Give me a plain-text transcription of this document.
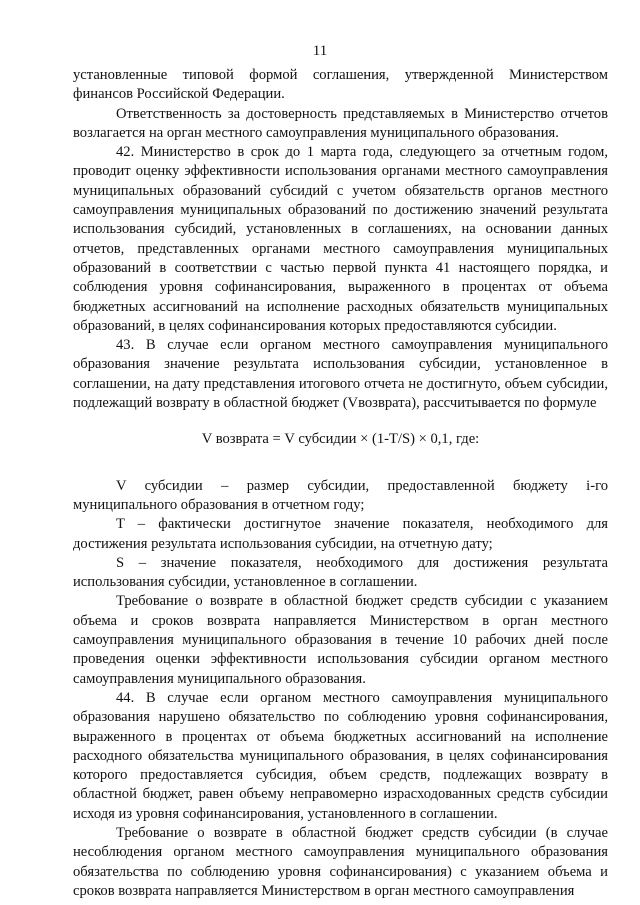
11

установленные типовой формой соглашения, утвержденной Министерством финансов Российской Федерации.

Ответственность за достоверность представляемых в Министерство отчетов возлагается на орган местного самоуправления муниципального образования.

42. Министерство в срок до 1 марта года, следующего за отчетным годом, проводит оценку эффективности использования органами местного самоуправления муниципальных образований субсидий с учетом обязательств органов местного самоуправления муниципальных образований по достижению значений результата использования субсидий, установленных в соглашениях, на основании данных отчетов, представленных органами местного самоуправления муниципальных образований в соответствии с частью первой пункта 41 настоящего порядка, и соблюдения уровня софинансирования, выраженного в процентах от объема бюджетных ассигнований на исполнение расходных обязательств муниципальных образований, в целях софинансирования которых предоставляются субсидии.

43. В случае если органом местного самоуправления муниципального образования значение результата использования субсидии, установленное в соглашении, на дату представления итогового отчета не достигнуто, объем субсидии, подлежащий возврату в областной бюджет (Vвозврата), рассчитывается по формуле

V возврата = V субсидии × (1-T/S) × 0,1, где:

V субсидии – размер субсидии, предоставленной бюджету i-го муниципального образования в отчетном году;

T – фактически достигнутое значение показателя, необходимого для достижения результата использования субсидии, на отчетную дату;

S – значение показателя, необходимого для достижения результата использования субсидии, установленное в соглашении.

Требование о возврате в областной бюджет средств субсидии с указанием объема и сроков возврата направляется Министерством в орган местного самоуправления муниципального образования в течение 10 рабочих дней после проведения оценки эффективности использования субсидии органом местного самоуправления муниципального образования.

44. В случае если органом местного самоуправления муниципального образования нарушено обязательство по соблюдению уровня софинансирования, выраженного в процентах от объема бюджетных ассигнований на исполнение расходного обязательства муниципального образования, в целях софинансирования которого предоставляется субсидия, объем средств, подлежащих возврату в областной бюджет, равен объему неправомерно израсходованных средств субсидии исходя из уровня софинансирования, установленного в соглашении.

Требование о возврате в областной бюджет средств субсидии (в случае несоблюдения органом местного самоуправления муниципального образования обязательства по соблюдению уровня софинансирования) с указанием объема и сроков возврата направляется Министерством в орган местного самоуправления
